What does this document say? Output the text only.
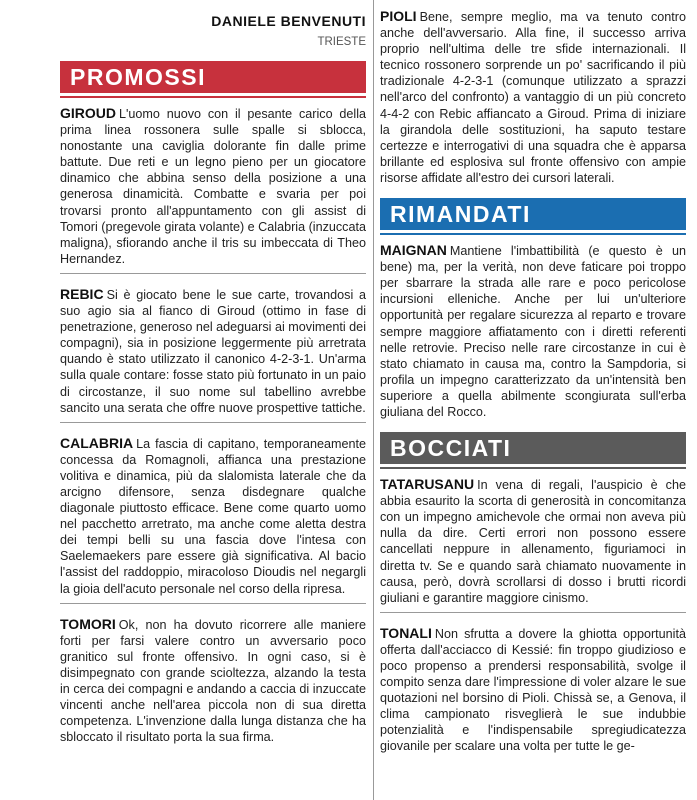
DANIELE BENVENUTI
TRIESTE
PROMOSSI
GIROUD L'uomo nuovo con il pesante carico della prima linea rossonera sulle spalle si sblocca, nonostante una caviglia dolorante fin dalle prime battute. Due reti e un legno pieno per un giocatore dinamico che abbina senso della posizione a una generosa dinamicità. Combatte e svaria per poi trovarsi pronto all'appuntamento con gli assist di Tomori (pregevole girata volante) e Calabria (inzuccata maligna), sfiorando anche il tris su imbeccata di Theo Hernandez.
REBIC Si è giocato bene le sue carte, trovandosi a suo agio sia al fianco di Giroud (ottimo in fase di penetrazione, generoso nel adeguarsi ai movimenti dei compagni), sia in posizione leggermente più arretrata quando è stato utilizzato il canonico 4-2-3-1. Un'arma sulla quale contare: fosse stato più fortunato in un paio di circostanze, il suo nome sul tabellino avrebbe sancito una serata che offre nuove prospettive tattiche.
CALABRIA La fascia di capitano, temporaneamente concessa da Romagnoli, affianca una prestazione volitiva e dinamica, più da slalomista laterale che da arcigno difensore, senza disdegnare qualche diagonale piuttosto efficace. Bene come quarto uomo nel pacchetto arretrato, ma anche come aletta destra dei tempi belli su una fascia dove l'intesa con Saelemaekers pare essere già significativa. Al bacio l'assist del raddoppio, miracoloso Dioudis nel negargli la gioia dell'acuto personale nel corso della ripresa.
TOMORI Ok, non ha dovuto ricorrere alle maniere forti per farsi valere contro un avversario poco granitico sul fronte offensivo. In ogni caso, si è disimpegnato con grande scioltezza, alzando la testa in cerca dei compagni e andando a caccia di inzuccate vincenti anche nell'area piccola non di sua diretta competenza. L'invenzione dalla lunga distanza che ha sbloccato il risultato porta la sua firma.
PIOLI Bene, sempre meglio, ma va tenuto contro anche dell'avversario. Alla fine, il successo arriva proprio nell'ultima delle tre sfide internazionali. Il tecnico rossonero sorprende un po' sacrificando il più tradizionale 4-2-3-1 (comunque utilizzato a sprazzi nell'arco del confronto) a vantaggio di un più concreto 4-4-2 con Rebic affiancato a Giroud. Prima di iniziare la girandola delle sostituzioni, ha saputo testare certezze e interrogativi di una squadra che è apparsa brillante ed esplosiva sul fronte offensivo con ampie risorse affidate all'estro dei cursori laterali.
RIMANDATI
MAIGNAN Mantiene l'imbattibilità (e questo è un bene) ma, per la verità, non deve faticare poi troppo per sbarrare la strada alle rare e poco pericolose incursioni elleniche. Anche per lui un'ulteriore opportunità per regalare sicurezza al reparto e trovare sempre maggiore affiatamento con i diretti referenti nelle retrovie. Preciso nelle rare circostanze in cui è stato chiamato in causa ma, contro la Sampdoria, si profila un impegno caratterizzato da un'intensità ben superiore a quella abilmente scongiurata sull'erba giuliana del Rocco.
BOCCIATI
TATARUSANU In vena di regali, l'auspicio è che abbia esaurito la scorta di generosità in concomitanza con un impegno amichevole che ormai non aveva più nulla da dire. Certi errori non possono essere cancellati neppure in allenamento, figuriamoci in diretta tv. Se e quando sarà chiamato nuovamente in causa, però, dovrà scrollarsi di dosso i brutti ricordi giuliani e garantire maggiore cinismo.
TONALI Non sfrutta a dovere la ghiotta opportunità offerta dall'acciacco di Kessié: fin troppo giudizioso e poco propenso a prendersi responsabilità, svolge il compito senza dare l'impressione di voler alzare le sue quotazioni nel borsino di Pioli. Chissà se, a Genova, il clima campionato risveglierà le sue indubbie potenzialità e l'indispensabile spregiudicatezza giovanile per scalare una volta per tutte le ge-
